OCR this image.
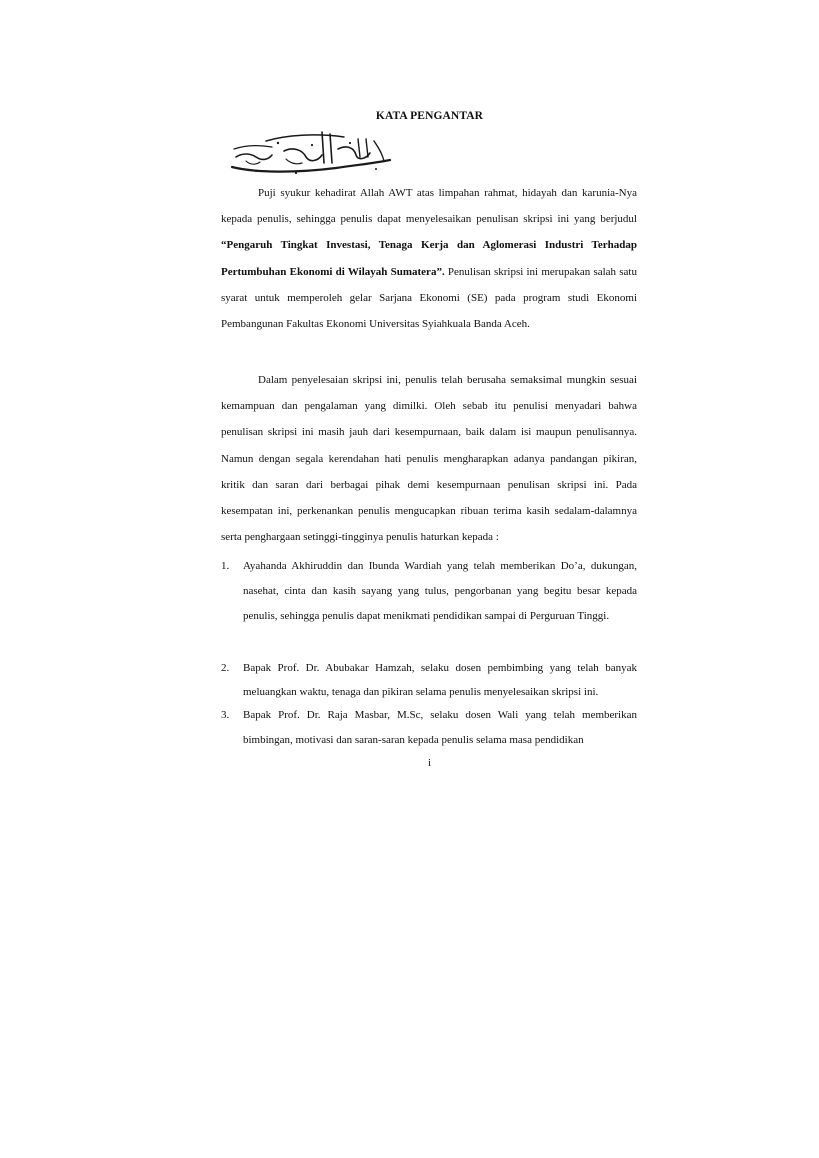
KATA PENGANTAR

Puji syukur kehadirat Allah AWT atas limpahan rahmat, hidayah dan karunia-Nya kepada penulis, sehingga penulis dapat menyelesaikan penulisan skripsi ini yang berjudul “Pengaruh Tingkat Investasi, Tenaga Kerja dan Aglomerasi Industri Terhadap Pertumbuhan Ekonomi di Wilayah Sumatera”. Penulisan skripsi ini merupakan salah satu syarat untuk memperoleh gelar Sarjana Ekonomi (SE) pada program studi Ekonomi Pembangunan Fakultas Ekonomi Universitas Syiahkuala Banda Aceh.

Dalam penyelesaian skripsi ini, penulis telah berusaha semaksimal mungkin sesuai kemampuan dan pengalaman yang dimilki. Oleh sebab itu penulisi menyadari bahwa penulisan skripsi ini masih jauh dari kesempurnaan, baik dalam isi maupun penulisannya. Namun dengan segala kerendahan hati penulis mengharapkan adanya pandangan pikiran, kritik dan saran dari berbagai pihak demi kesempurnaan penulisan skripsi ini. Pada kesempatan ini, perkenankan penulis mengucapkan ribuan terima kasih sedalam-dalamnya serta penghargaan setinggi-tingginya penulis haturkan kepada :

1. Ayahanda Akhiruddin dan Ibunda Wardiah yang telah memberikan Do’a, dukungan, nasehat, cinta dan kasih sayang yang tulus, pengorbanan yang begitu besar kepada penulis, sehingga penulis dapat menikmati pendidikan sampai di Perguruan Tinggi.
2. Bapak Prof. Dr. Abubakar Hamzah, selaku dosen pembimbing yang telah banyak meluangkan waktu, tenaga dan pikiran selama penulis menyelesaikan skripsi ini.
3. Bapak Prof. Dr. Raja Masbar, M.Sc, selaku dosen Wali yang telah memberikan bimbingan, motivasi dan saran-saran kepada penulis selama masa pendidikan
i
